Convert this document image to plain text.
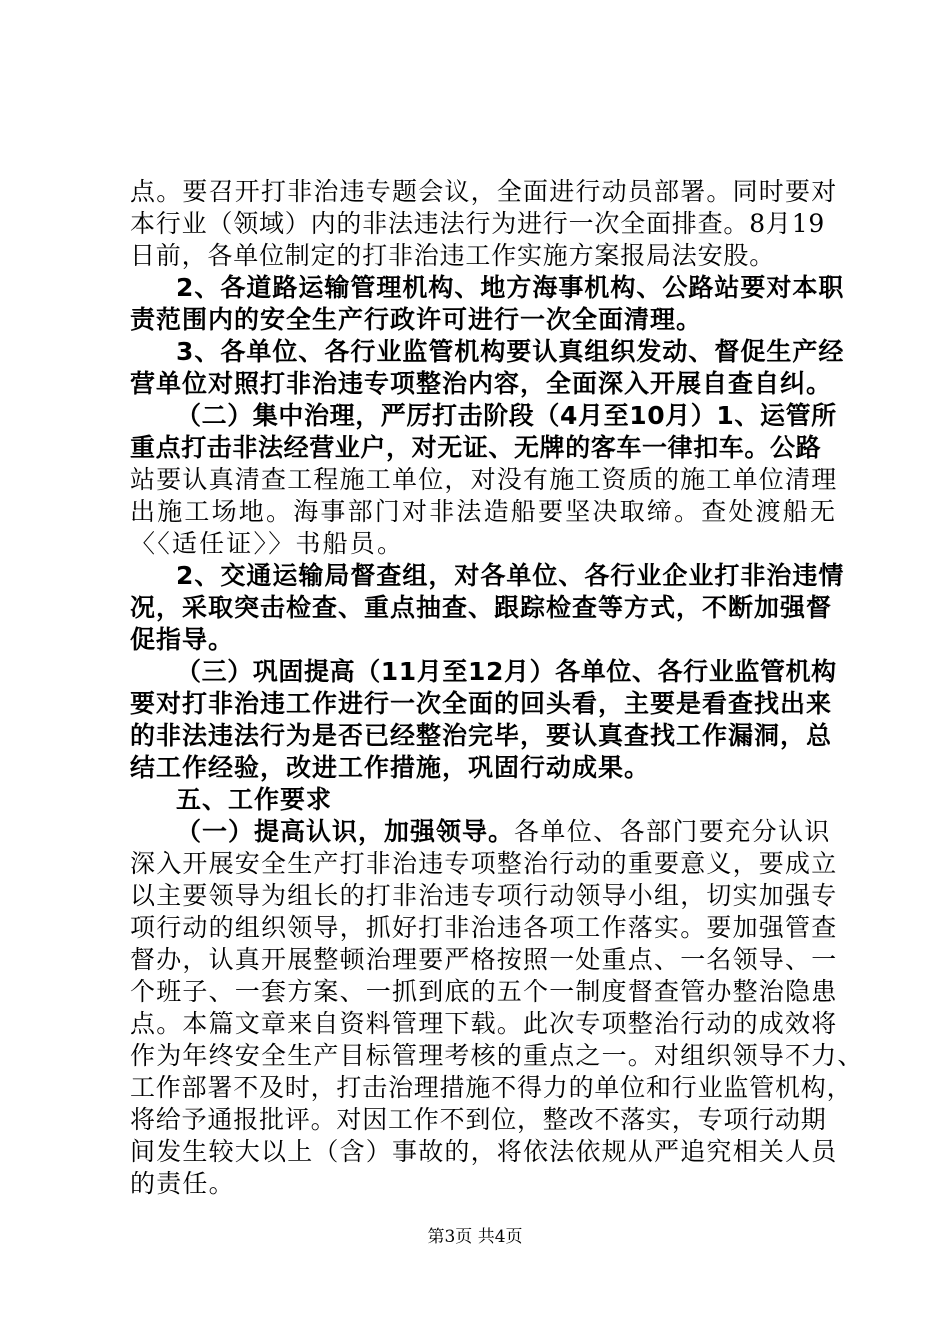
点。要召开打非治违专题会议，全面进行动员部署。同时要对
本行业（领域）内的非法违法行为进行一次全面排查。8月19
日前，各单位制定的打非治违工作实施方案报局法安股。
2、各道路运输管理机构、地方海事机构、公路站要对本职
责范围内的安全生产行政许可进行一次全面清理。
3、各单位、各行业监管机构要认真组织发动、督促生产经
营单位对照打非治违专项整治内容，全面深入开展自查自纠。
（二）集中治理，严厉打击阶段（4月至10月）1、运管所
重点打击非法经营业户，对无证、无牌的客车一律扣车。公路
站要认真清查工程施工单位，对没有施工资质的施工单位清理
出施工场地。海事部门对非法造船要坚决取缔。查处渡船无
〈〈适任证〉〉书船员。
2、交通运输局督查组，对各单位、各行业企业打非治违情
况，采取突击检查、重点抽查、跟踪检查等方式，不断加强督
促指导。
（三）巩固提高（11月至12月）各单位、各行业监管机构
要对打非治违工作进行一次全面的回头看，主要是看查找出来
的非法违法行为是否已经整治完毕，要认真查找工作漏洞，总
结工作经验，改进工作措施，巩固行动成果。
五、工作要求
（一）提高认识，加强领导。各单位、各部门要充分认识
深入开展安全生产打非治违专项整治行动的重要意义，要成立
以主要领导为组长的打非治违专项行动领导小组，切实加强专
项行动的组织领导，抓好打非治违各项工作落实。要加强管查
督办，认真开展整顿治理要严格按照一处重点、一名领导、一
个班子、一套方案、一抓到底的五个一制度督查管办整治隐患
点。本篇文章来自资料管理下载。此次专项整治行动的成效将
作为年终安全生产目标管理考核的重点之一。对组织领导不力、
工作部署不及时，打击治理措施不得力的单位和行业监管机构，
将给予通报批评。对因工作不到位，整改不落实，专项行动期
间发生较大以上（含）事故的，将依法依规从严追究相关人员
的责任。
第3页 共4页
